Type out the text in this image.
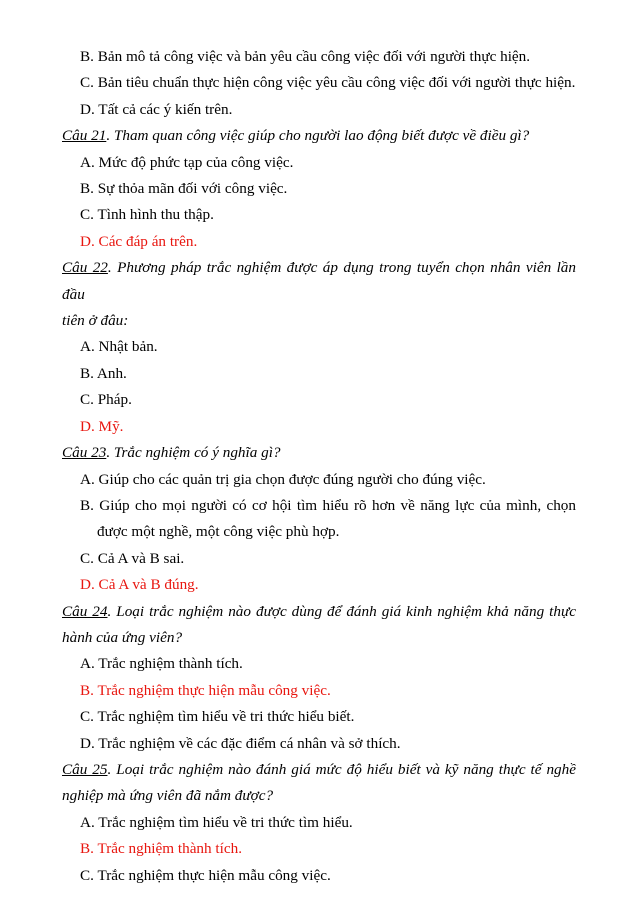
B. Bản mô tả công việc và bản yêu cầu công việc đối với người thực hiện.
C. Bản tiêu chuẩn thực hiện công việc yêu cầu công việc đối với người thực hiện.
D. Tất cả các ý kiến trên.
Câu 21. Tham quan công việc giúp cho người lao động biết được về điều gì?
A. Mức độ phức tạp của công việc.
B. Sự thỏa mãn đối với công việc.
C. Tình hình thu thập.
D. Các đáp án trên.
Câu 22. Phương pháp trắc nghiệm được áp dụng trong tuyển chọn nhân viên lần đầu
tiên ở đâu:
A. Nhật bản.
B. Anh.
C. Pháp.
D. Mỹ.
Câu 23. Trắc nghiệm có ý nghĩa gì?
A. Giúp cho các quản trị gia chọn được đúng người cho đúng việc.
B. Giúp cho mọi người có cơ hội tìm hiểu rõ hơn về năng lực của mình, chọn
được một nghề, một công việc phù hợp.
C. Cả A và B sai.
D. Cả A và B đúng.
Câu 24. Loại trắc nghiệm nào được dùng để đánh giá kinh nghiệm khả năng thực
hành của ứng viên?
A. Trắc nghiệm thành tích.
B. Trắc nghiệm thực hiện mẫu công việc.
C. Trắc nghiệm tìm hiểu về tri thức hiểu biết.
D. Trắc nghiệm về các đặc điểm cá nhân và sở thích.
Câu 25. Loại trắc nghiệm nào đánh giá mức độ hiểu biết và kỹ năng thực tế nghề
nghiệp mà ứng viên đã nắm được?
A. Trắc nghiệm tìm hiểu về tri thức tìm hiểu.
B. Trắc nghiệm thành tích.
C. Trắc nghiệm thực hiện mẫu công việc.
